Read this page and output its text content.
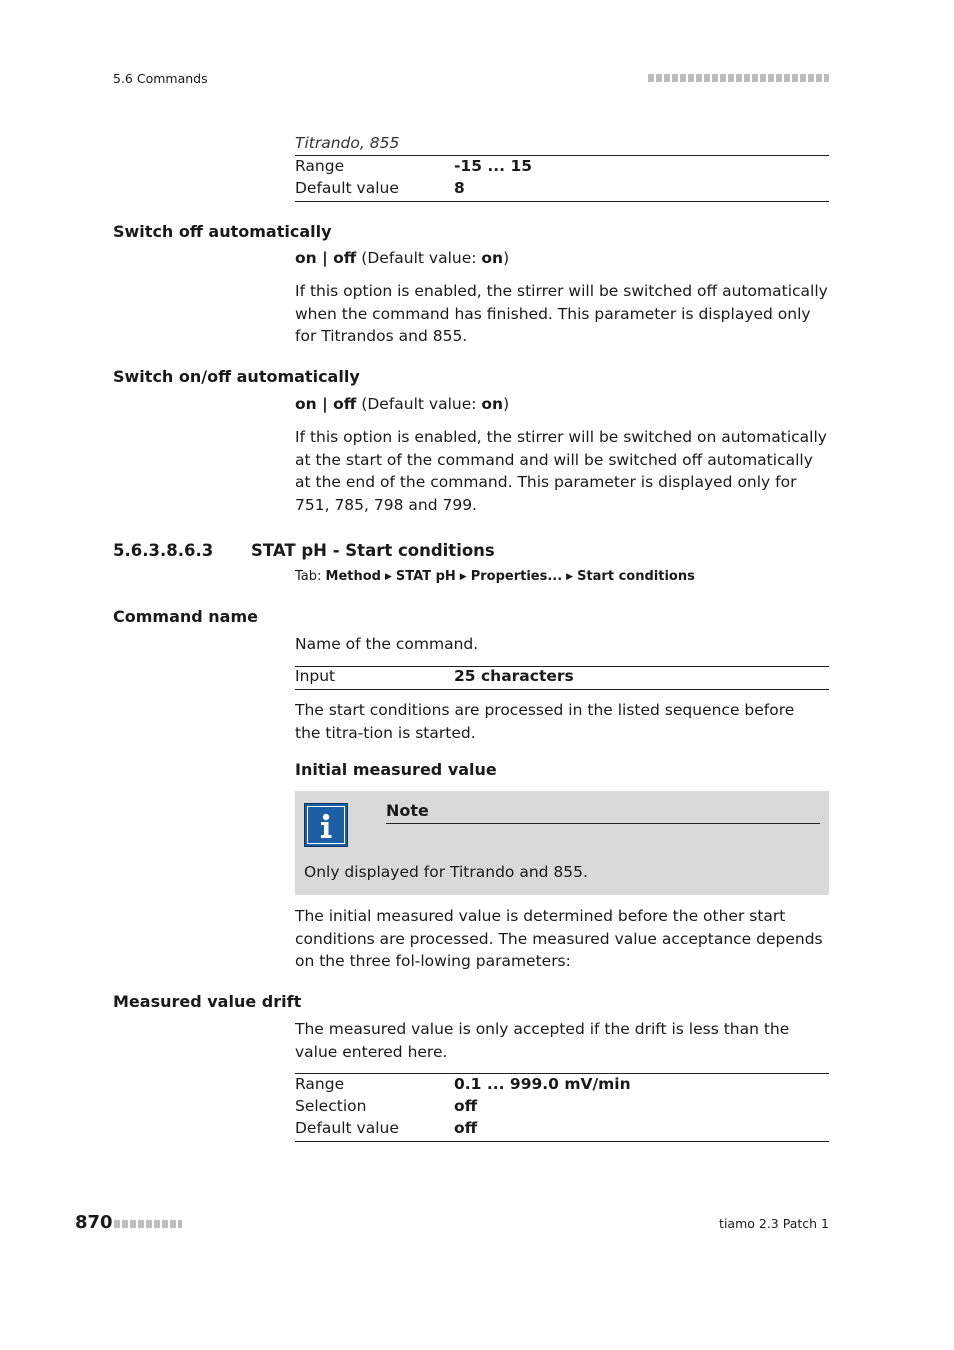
5.6 Commands
Titrando, 855
Range	-15 ... 15
Default value	8
Switch off automatically
on | off (Default value: on)
If this option is enabled, the stirrer will be switched off automatically when the command has finished. This parameter is displayed only for Titrandos and 855.
Switch on/off automatically
on | off (Default value: on)
If this option is enabled, the stirrer will be switched on automatically at the start of the command and will be switched off automatically at the end of the command. This parameter is displayed only for 751, 785, 798 and 799.
5.6.3.8.6.3 STAT pH - Start conditions
Tab: Method ▶ STAT pH ▶ Properties... ▶ Start conditions
Command name
Name of the command.
Input	25 characters
The start conditions are processed in the listed sequence before the titra-tion is started.
Initial measured value
Note
Only displayed for Titrando and 855.
The initial measured value is determined before the other start conditions are processed. The measured value acceptance depends on the three fol-lowing parameters:
Measured value drift
The measured value is only accepted if the drift is less than the value entered here.
Range	0.1 ... 999.0 mV/min
Selection	off
Default value	off
870	tiamo 2.3 Patch 1
